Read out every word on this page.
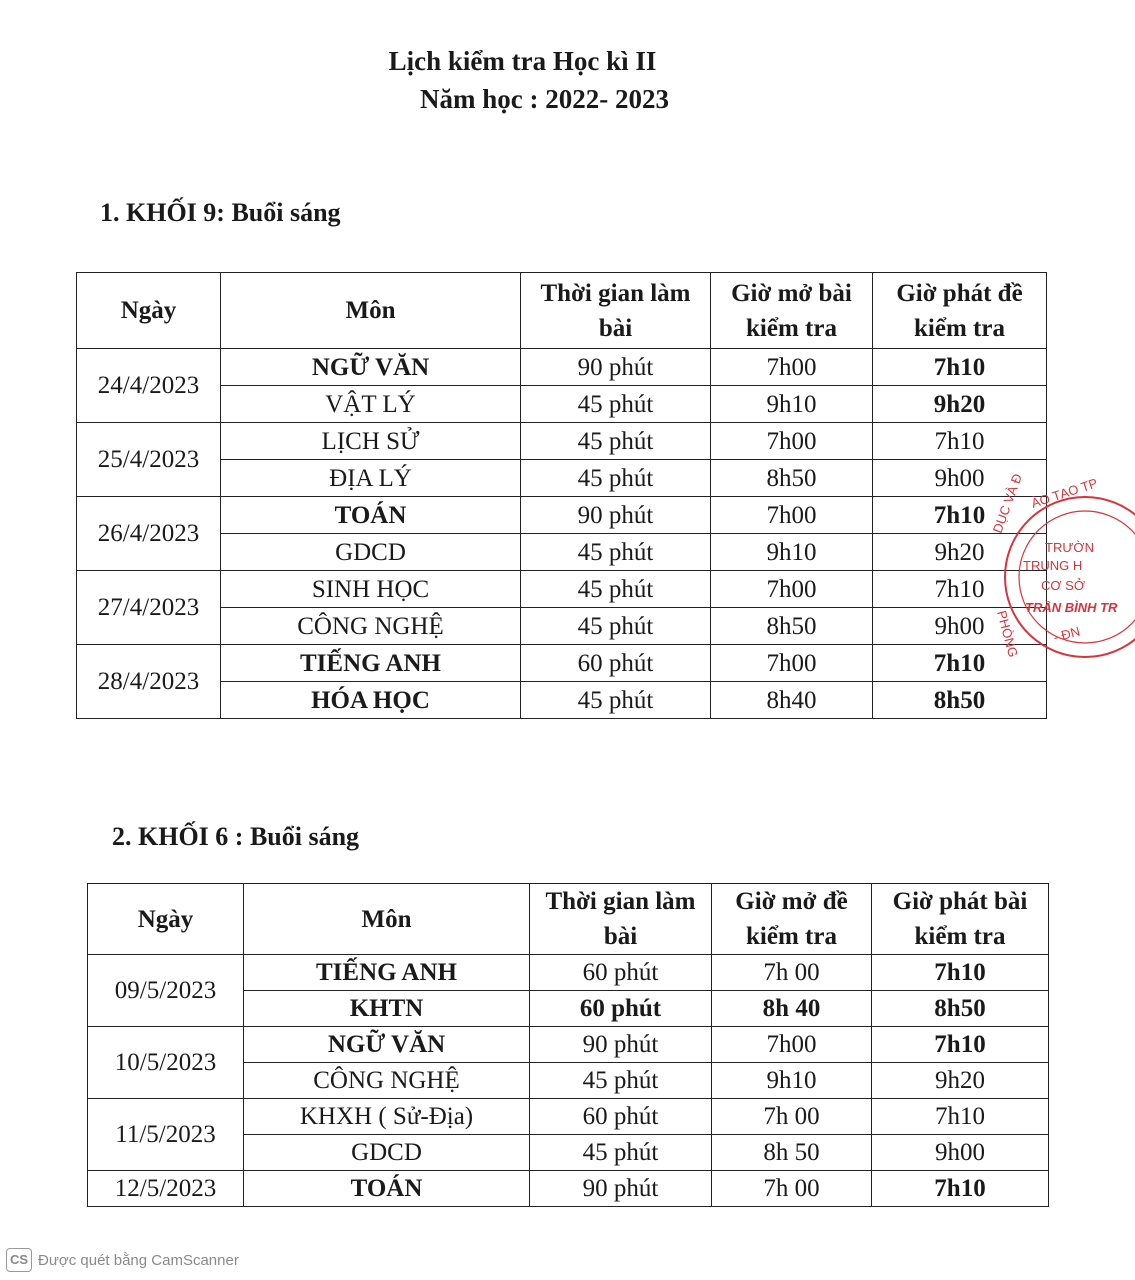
Lịch kiểm tra Học kì II
Năm học : 2022- 2023
1. KHỐI 9: Buổi sáng
Ngày	Môn	Thời gian làm bài	Giờ mở bài kiểm tra	Giờ phát đề kiểm tra
24/4/2023	NGỮ VĂN	90 phút	7h00	7h10
	VẬT LÝ	45 phút	9h10	9h20
25/4/2023	LỊCH SỬ	45 phút	7h00	7h10
	ĐỊA LÝ	45 phút	8h50	9h00
26/4/2023	TOÁN	90 phút	7h00	7h10
	GDCD	45 phút	9h10	9h20
27/4/2023	SINH HỌC	45 phút	7h00	7h10
	CÔNG NGHỆ	45 phút	8h50	9h00
28/4/2023	TIẾNG ANH	60 phút	7h00	7h10
	HÓA HỌC	45 phút	8h40	8h50
ÀO TẠO TP
DỤC VÀ Đ
PHÒNG
TRƯỜN
TRUNG H
CƠ SỞ
TRẦN BÌNH TR
- ĐN
2. KHỐI 6 : Buổi sáng
Ngày	Môn	Thời gian làm bài	Giờ mở đề kiểm tra	Giờ phát bài kiểm tra
09/5/2023	TIẾNG ANH	60 phút	7h 00	7h10
	KHTN	60 phút	8h 40	8h50
10/5/2023	NGỮ VĂN	90 phút	7h00	7h10
	CÔNG NGHỆ	45 phút	9h10	9h20
11/5/2023	KHXH ( Sử-Địa)	60 phút	7h 00	7h10
	GDCD	45 phút	8h 50	9h00
12/5/2023	TOÁN	90 phút	7h 00	7h10
CS Được quét bằng CamScanner
